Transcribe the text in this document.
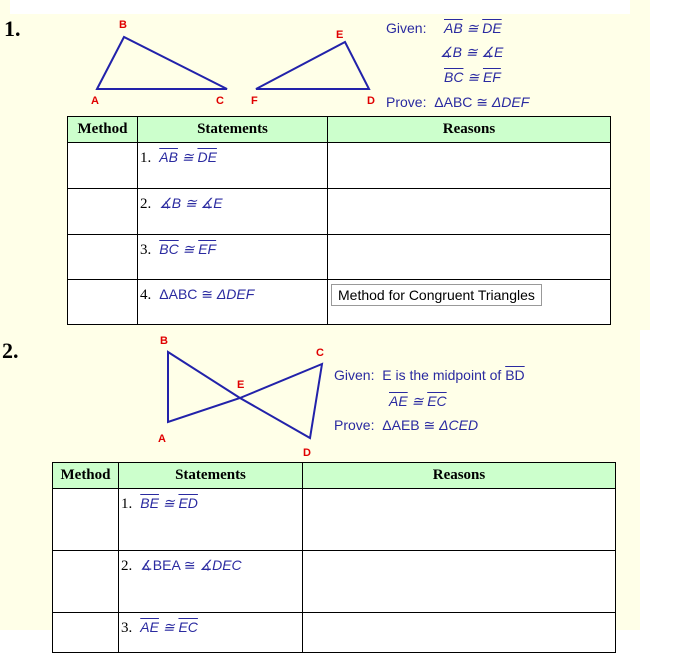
1.
A
B
C F
E
D
Given: $\overline{AB}$ ≅ $\overline{DE}$
∡B ≅ ∡E
$\overline{BC}$ ≅ $\overline{EF}$
Prove: ΔABC ≅ ΔDEF
Method	Statements	Reasons
	1. $\overline{AB}$ ≅ $\overline{DE}$	
	2. ∡B ≅ ∡E	
	3. $\overline{BC}$ ≅ $\overline{EF}$	
	4. ΔABC ≅ ΔDEF	Method for Congruent Triangles
2.	B
C
E
A
D
Given: E is the midpoint of $\overline{BD}$
$\overline{AE}$ ≅ $\overline{EC}$
Prove: ΔAEB ≅ ΔCED
Method	Statements	Reasons
	1. $\overline{BE}$ ≅ $\overline{ED}$	
	2. ∡BEA ≅ ∡DEC	
	3. $\overline{AE}$ ≅ $\overline{EC}$	
